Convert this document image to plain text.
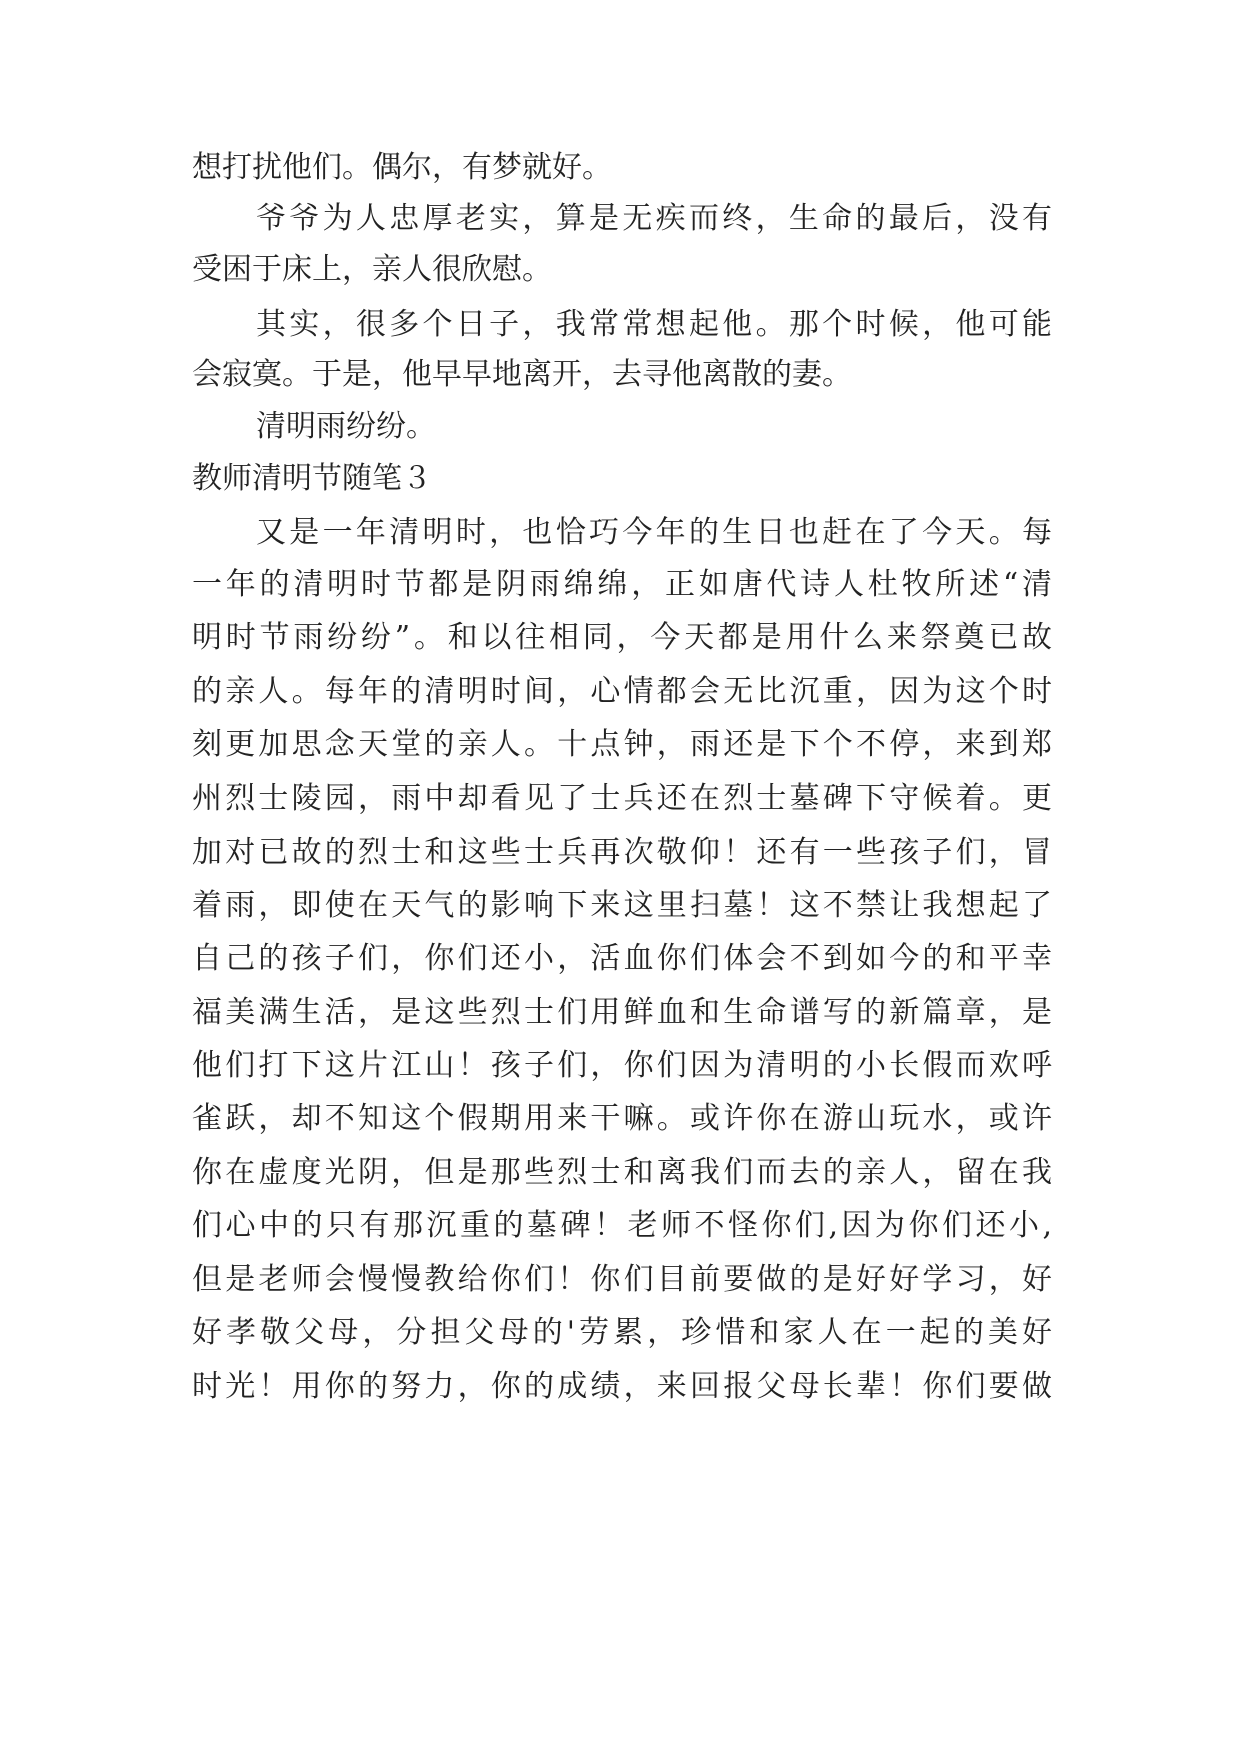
想打扰他们。偶尔，有梦就好。
爷爷为人忠厚老实，算是无疾而终，生命的最后，没有
受困于床上，亲人很欣慰。
其实，很多个日子，我常常想起他。那个时候，他可能
会寂寞。于是，他早早地离开，去寻他离散的妻。
清明雨纷纷。
教师清明节随笔３
又是一年清明时，也恰巧今年的生日也赶在了今天。每
一年的清明时节都是阴雨绵绵，正如唐代诗人杜牧所述“清
明时节雨纷纷”。和以往相同，今天都是用什么来祭奠已故
的亲人。每年的清明时间，心情都会无比沉重，因为这个时
刻更加思念天堂的亲人。十点钟，雨还是下个不停，来到郑
州烈士陵园，雨中却看见了士兵还在烈士墓碑下守候着。更
加对已故的烈士和这些士兵再次敬仰！还有一些孩子们，冒
着雨，即使在天气的影响下来这里扫墓！这不禁让我想起了
自己的孩子们，你们还小，活血你们体会不到如今的和平幸
福美满生活，是这些烈士们用鲜血和生命谱写的新篇章，是
他们打下这片江山！孩子们，你们因为清明的小长假而欢呼
雀跃，却不知这个假期用来干嘛。或许你在游山玩水，或许
你在虚度光阴，但是那些烈士和离我们而去的亲人，留在我
们心中的只有那沉重的墓碑！老师不怪你们,因为你们还小,
但是老师会慢慢教给你们！你们目前要做的是好好学习，好
好孝敬父母，分担父母的'劳累，珍惜和家人在一起的美好
时光！用你的努力，你的成绩，来回报父母长辈！你们要做
